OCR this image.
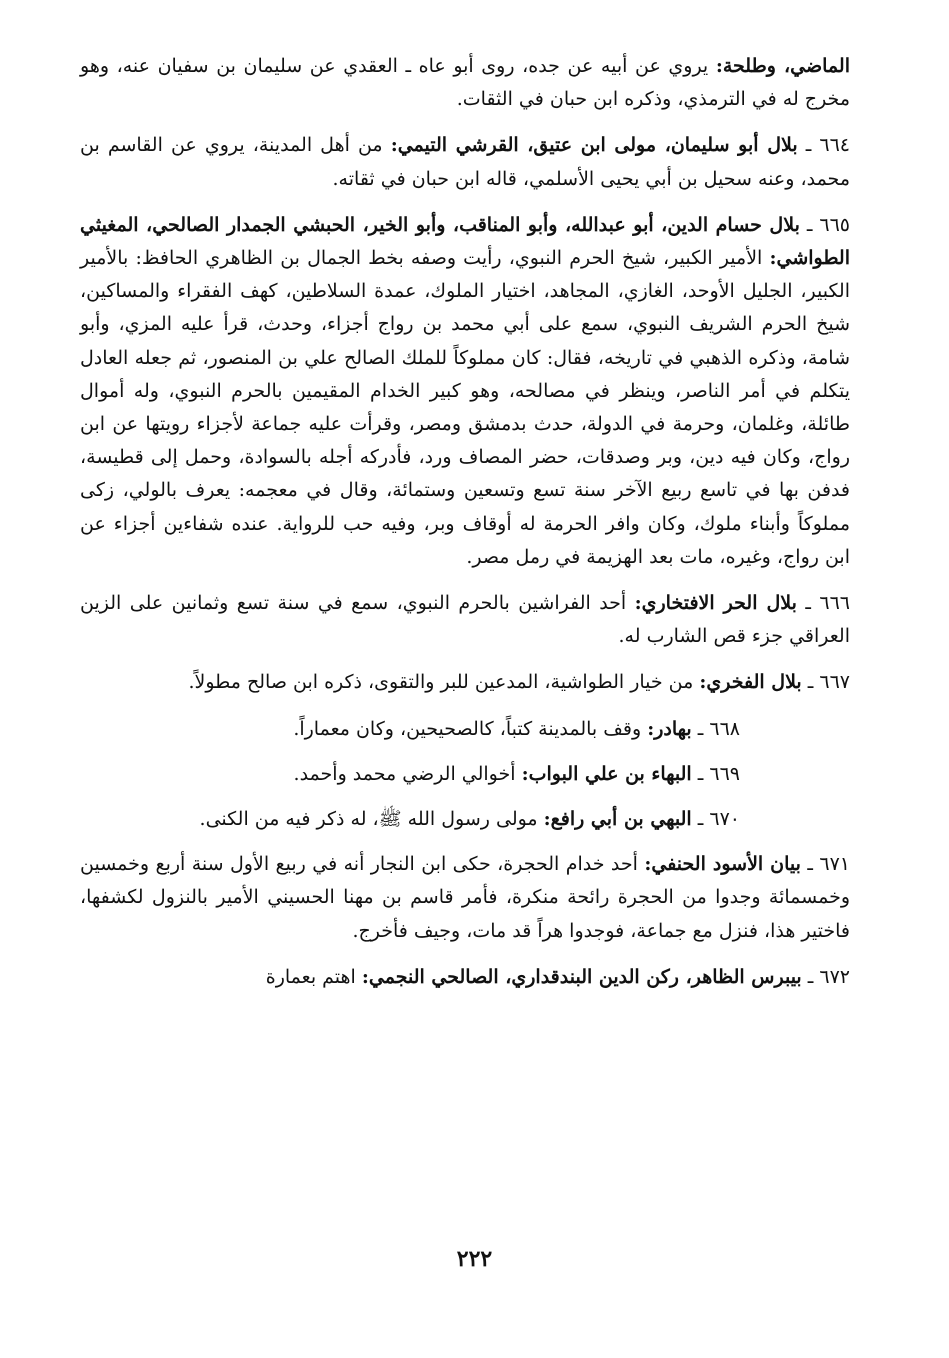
الماضي، وطلحة: يروي عن أبيه عن جده، روى أبو عاه ـ العقدي عن سليمان بن سفيان عنه، وهو مخرج له في الترمذي، وذكره ابن حبان في الثقات.

٦٦٤ ـ بلال أبو سليمان، مولى ابن عتيق، القرشي التيمي: من أهل المدينة، يروي عن القاسم بن محمد، وعنه سحيل بن أبي يحيى الأسلمي، قاله ابن حبان في ثقاته.

٦٦٥ ـ بلال حسام الدين، أبو عبدالله، وأبو المناقب، وأبو الخير، الحبشي الجمدار الصالحي، المغيثي الطواشي: الأمير الكبير، شيخ الحرم النبوي، رأيت وصفه بخط الجمال بن الظاهري الحافظ: بالأمير الكبير، الجليل الأوحد، الغازي، المجاهد، اختيار الملوك، عمدة السلاطين، كهف الفقراء والمساكين، شيخ الحرم الشريف النبوي، سمع على أبي محمد بن رواج أجزاء، وحدث، قرأ عليه المزي، وأبو شامة، وذكره الذهبي في تاريخه، فقال: كان مملوكاً للملك الصالح علي بن المنصور، ثم جعله العادل يتكلم في أمر الناصر، وينظر في مصالحه، وهو كبير الخدام المقيمين بالحرم النبوي، وله أموال طائلة، وغلمان، وحرمة في الدولة، حدث بدمشق ومصر، وقرأت عليه جماعة لأجزاء رويتها عن ابن رواج، وكان فيه دين، وبر وصدقات، حضر المصاف ورد، فأدركه أجله بالسوادة، وحمل إلى قطيسة، فدفن بها في تاسع ربيع الآخر سنة تسع وتسعين وستمائة، وقال في معجمه: يعرف بالولي، زكى مملوكاً وأبناء ملوك، وكان وافر الحرمة له أوقاف وبر، وفيه حب للرواية. عنده شفاءين أجزاء عن ابن رواج، وغيره، مات بعد الهزيمة في رمل مصر.

٦٦٦ ـ بلال الحر الافتخاري: أحد الفراشين بالحرم النبوي، سمع في سنة تسع وثمانين على الزين العراقي جزء قص الشارب له.

٦٦٧ ـ بلال الفخري: من خيار الطواشية، المدعين للبر والتقوى، ذكره ابن صالح مطولاً.

٦٦٨ ـ بهادر: وقف بالمدينة كتباً، كالصحيحين، وكان معماراً.

٦٦٩ ـ البهاء بن علي البواب: أخوالي الرضي محمد وأحمد.

٦٧٠ ـ البهي بن أبي رافع: مولى رسول الله ﷺ، له ذكر فيه من الكنى.

٦٧١ ـ بيان الأسود الحنفي: أحد خدام الحجرة، حكى ابن النجار أنه في ربيع الأول سنة أربع وخمسين وخمسمائة وجدوا من الحجرة رائحة منكرة، فأمر قاسم بن مهنا الحسيني الأمير بالنزول لكشفها، فاختير هذا، فنزل مع جماعة، فوجدوا هراً قد مات، وجيف فأخرج.

٦٧٢ ـ بيبرس الظاهر، ركن الدين البندقداري، الصالحي النجمي: اهتم بعمارة

٢٢٢
